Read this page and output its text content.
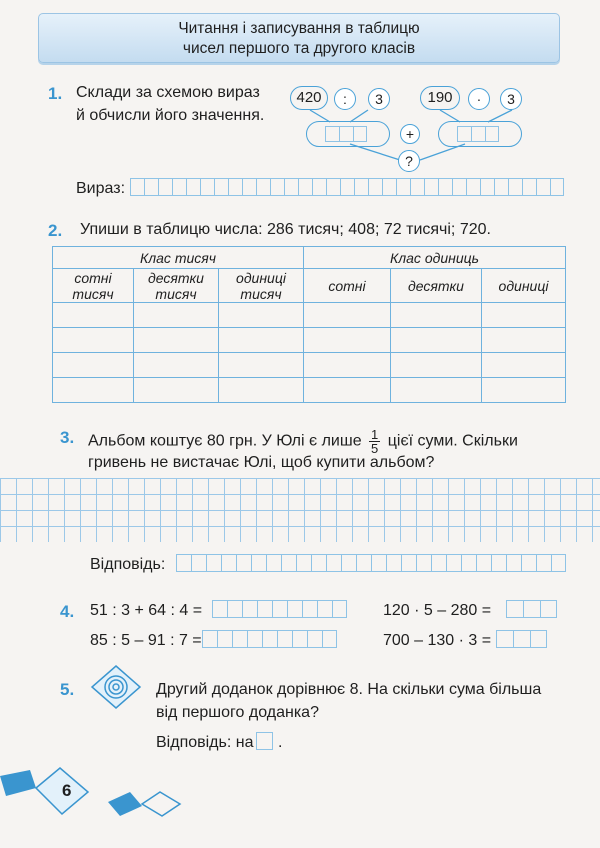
Читання і записування в таблицю
чисел першого та другого класів
1. Склади за схемою вираз
й обчисли його значення.
420	:	3	190	·	3
+
?
Вираз:
2. Упиши в таблицю числа: 286 тисяч; 408; 72 тисячі; 720.
Клас тисяч			Клас одиниць		
сотні тисяч	десятки тисяч	одиниці тисяч	сотні	десятки	одиниці

3. Альбом коштує 80 грн. У Юлі є лише $\frac{1}{5}$ цієї суми. Скільки
гривень не вистачає Юлі, щоб купити альбом?
Відповідь:
4. 51 : 3 + 64 : 4 =
85 : 5 – 91 : 7 =
120 · 5 – 280 =
700 – 130 · 3 =
5.	Другий доданок дорівнює 8. На скільки сума більша
від першого доданка?
Відповідь: на .
6
